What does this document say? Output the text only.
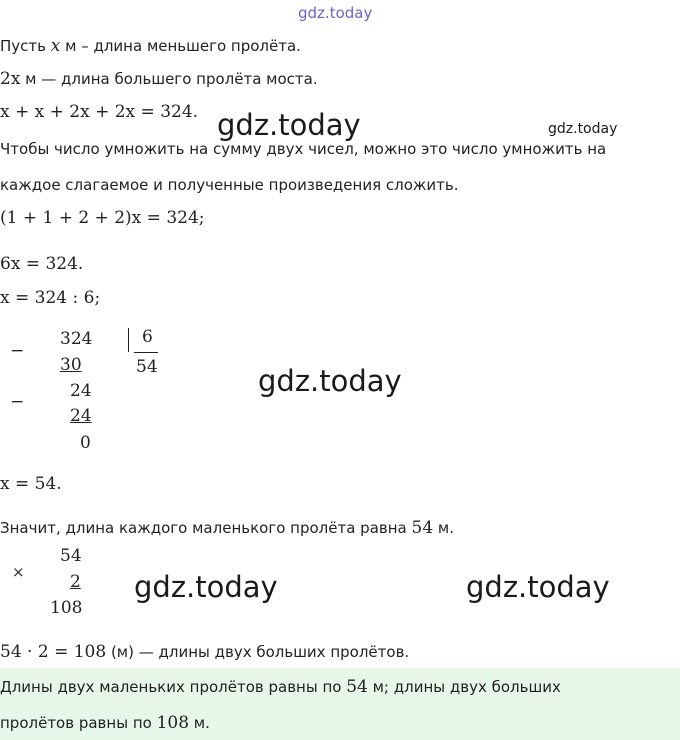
gdz.today
gdz.today	gdz.today
gdz.today
gdz.today	gdz.today
Пусть x м – длина меньшего пролёта.
2x м — длина большего пролёта моста.
x + x + 2x + 2x = 324.
Чтобы число умножить на сумму двух чисел, можно это число умножить на
каждое слагаемое и полученные произведения сложить.
(1 + 1 + 2 + 2)x = 324;
6x = 324.
x = 324 : 6;
−
324	6
30	54
−
24
24
0
x = 54.
Значит, длина каждого маленького пролёта равна 54 м.
×
54
2
108
54 · 2 = 108 (м) — длины двух больших пролётов.
Длины двух маленьких пролётов равны по 54 м; длины двух больших
пролётов равны по 108 м.
